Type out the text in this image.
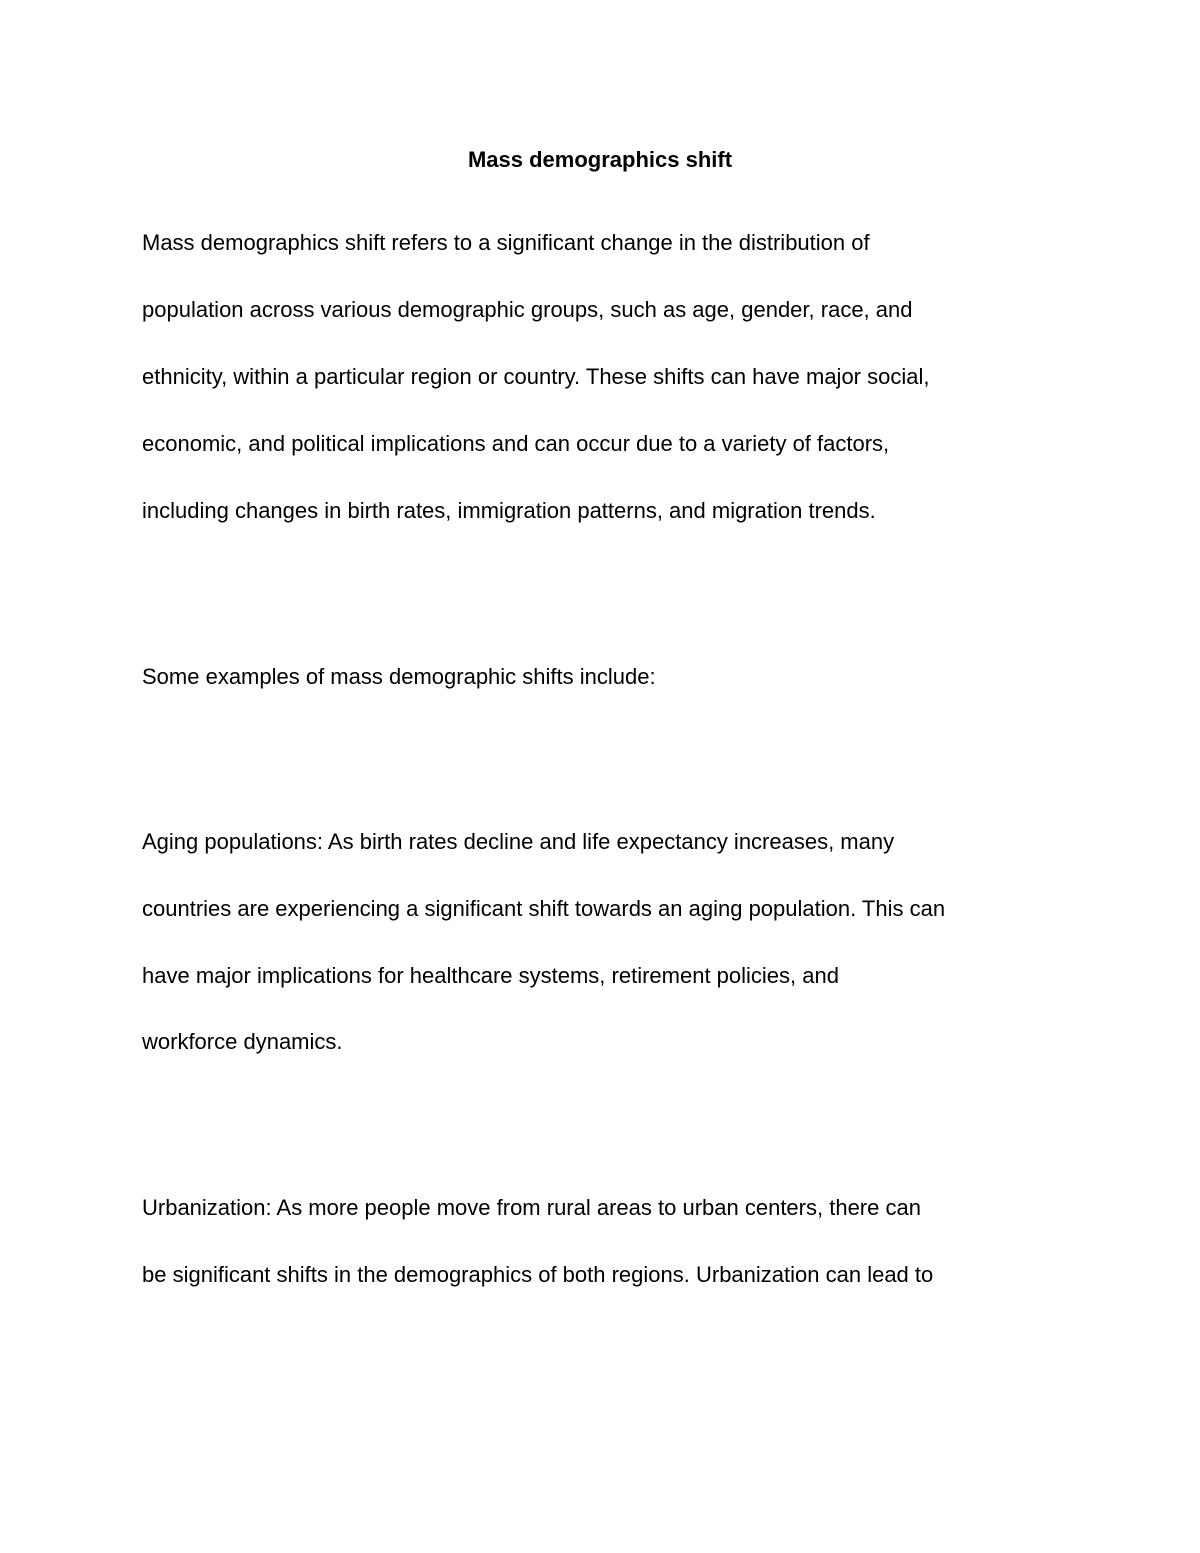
Mass demographics shift
Mass demographics shift refers to a significant change in the distribution of
population across various demographic groups, such as age, gender, race, and
ethnicity, within a particular region or country. These shifts can have major social,
economic, and political implications and can occur due to a variety of factors,
including changes in birth rates, immigration patterns, and migration trends.
Some examples of mass demographic shifts include:
Aging populations: As birth rates decline and life expectancy increases, many
countries are experiencing a significant shift towards an aging population. This can
have major implications for healthcare systems, retirement policies, and
workforce dynamics.
Urbanization: As more people move from rural areas to urban centers, there can
be significant shifts in the demographics of both regions. Urbanization can lead to
